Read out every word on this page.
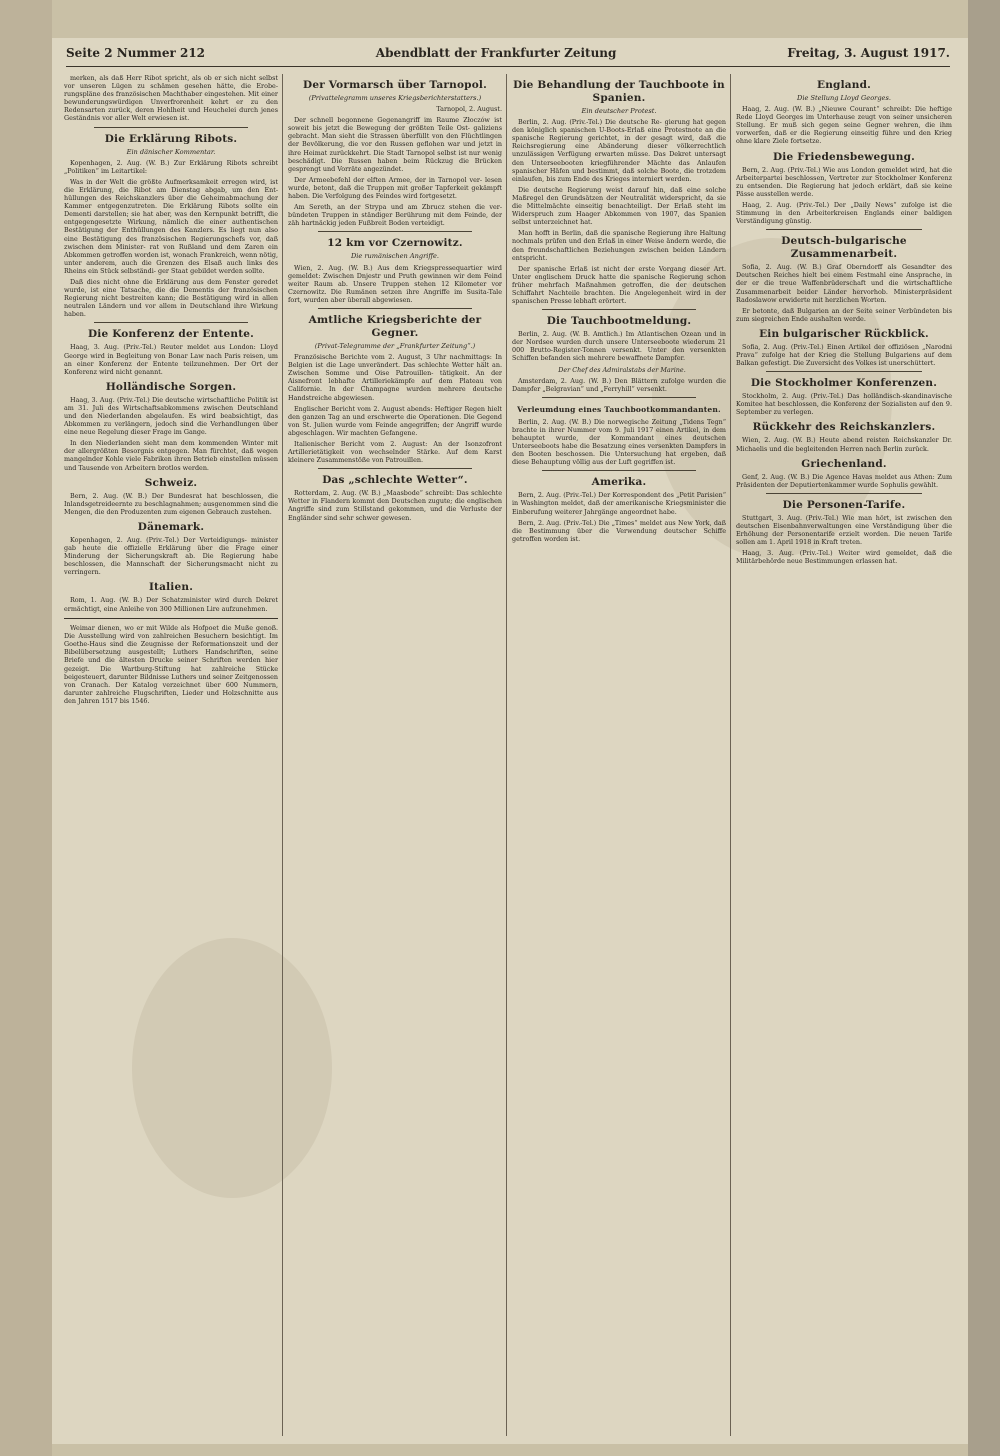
Seite 2 Nummer 212	Abendblatt der Frankfurter Zeitung	Freitag, 3. August 1917.

merken, als daß Herr Ribot spricht, als ob er sich nicht selbst vor unseren Lügen zu schämen gesehen hätte, die Erobe- rungspläne des französischen Machthaber eingestehen. Mit einer bewunderungswürdigen Unverfrorenheit kehrt er zu den Redensarten zurück, deren Hohlheit und Heuchelei durch jenes Geständnis vor aller Welt erwiesen ist.

Die Erklärung Ribots.
Ein dänischer Kommentar.

Kopenhagen, 2. Aug. (W. B.) Zur Erklärung Ribots schreibt „Politiken“ im Leitartikel:

Was in der Welt die größte Aufmerksamkeit erregen wird, ist die Erklärung, die Ribot am Dienstag abgab, um den Ent- hüllungen des Reichskanzlers über die Geheimabmachung der Kammer entgegenzutreten. Die Erklärung Ribots sollte ein Dementi darstellen; sie hat aber, was den Kernpunkt betrifft, die entgegengesetzte Wirkung, nämlich die einer authentischen Bestätigung der Enthüllungen des Kanzlers. Es liegt nun also eine Bestätigung des französischen Regierungschefs vor, daß zwischen dem Minister- rat von Rußland und dem Zaren ein Abkommen getroffen worden ist, wonach Frankreich, wenn nötig, unter anderem, auch die Grenzen des Elsaß auch links des Rheins ein Stück selbständi- ger Staat gebildet werden sollte.

Daß dies nicht ohne die Erklärung aus dem Fenster geredet wurde, ist eine Tatsache, die die Dementis der französischen Regierung nicht bestreiten kann; die Bestätigung wird in allen neutralen Ländern und vor allem in Deutschland ihre Wirkung haben.

Die Konferenz der Entente.

Haag, 3. Aug. (Priv.-Tel.) Reuter meldet aus London: Lloyd George wird in Begleitung von Bonar Law nach Paris reisen, um an einer Konferenz der Entente teilzunehmen. Der Ort der Konferenz wird nicht genannt.

Holländische Sorgen.

Haag, 3. Aug. (Priv.-Tel.) Die deutsche wirtschaftliche Politik ist am 31. Juli des Wirtschaftsabkommens zwischen Deutschland und den Niederlanden abgelaufen. Es wird beabsichtigt, das Abkommen zu verlängern, jedoch sind die Verhandlungen über eine neue Regelung dieser Frage im Gange.

In den Niederlanden sieht man dem kommenden Winter mit der allergrößten Besorgnis entgegen. Man fürchtet, daß wegen mangelnder Kohle viele Fabriken ihren Betrieb einstellen müssen und Tausende von Arbeitern brotlos werden.

Schweiz.

Bern, 2. Aug. (W. B.) Der Bundesrat hat beschlossen, die Inlandsgetreideernte zu beschlagnahmen; ausgenommen sind die Mengen, die den Produzenten zum eigenen Gebrauch zustehen.

Dänemark.

Kopenhagen, 2. Aug. (Priv.-Tel.) Der Verteidigungs- minister gab heute die offizielle Erklärung über die Frage einer Minderung der Sicherungskraft ab. Die Regierung habe beschlossen, die Mannschaft der Sicherungsmacht nicht zu verringern.

Italien.

Rom, 1. Aug. (W. B.) Der Schatzminister wird durch Dekret ermächtigt, eine Anleihe von 300 Millionen Lire aufzunehmen.

Weimar dienen, wo er mit Wilde als Hofpoet die Muße genoß. Die Ausstellung wird von zahlreichen Besuchern besichtigt. Im Goethe-Haus sind die Zeugnisse der Reformationszeit und der Bibelübersetzung ausgestellt; Luthers Handschriften, seine Briefe und die ältesten Drucke seiner Schriften werden hier gezeigt. Die Wartburg-Stiftung hat zahlreiche Stücke beigesteuert, darunter Bildnisse Luthers und seiner Zeitgenossen von Cranach. Der Katalog verzeichnet über 600 Nummern, darunter zahlreiche Flugschriften, Lieder und Holzschnitte aus den Jahren 1517 bis 1546.

Der Vormarsch über Tarnopol.
(Privattelegramm unseres Kriegsberichterstatters.)

Tarnopol, 2. August.

Der schnell begonnene Gegenangriff im Raume Złoczów ist soweit bis jetzt die Bewegung der größten Teile Ost- galiziens gebracht. Man sieht die Strassen überfüllt von den Flüchtlingen der Bevölkerung, die vor den Russen geflohen war und jetzt in ihre Heimat zurückkehrt. Die Stadt Tarnopol selbst ist nur wenig beschädigt. Die Russen haben beim Rückzug die Brücken gesprengt und Vorräte angezündet.

Der Armeebefehl der elften Armee, der in Tarnopol ver- lesen wurde, betont, daß die Truppen mit großer Tapferkeit gekämpft haben. Die Verfolgung des Feindes wird fortgesetzt.

Am Sereth, an der Strypa und am Zbrucz stehen die ver- bündeten Truppen in ständiger Berührung mit dem Feinde, der zäh hartnäckig jeden Fußbreit Boden verteidigt.

12 km vor Czernowitz.
Die rumänischen Angriffe.

Wien, 2. Aug. (W. B.) Aus dem Kriegspressequartier wird gemeldet: Zwischen Dnjestr und Pruth gewinnen wir dem Feind weiter Raum ab. Unsere Truppen stehen 12 Kilometer vor Czernowitz. Die Rumänen setzen ihre Angriffe im Susita-Tale fort, wurden aber überall abgewiesen.

Amtliche Kriegsberichte der Gegner.
(Privat-Telegramme der „Frankfurter Zeitung“.)

Französische Berichte vom 2. August, 3 Uhr nachmittags: In Belgien ist die Lage unverändert. Das schlechte Wetter hält an. Zwischen Somme und Oise Patrouillen- tätigkeit. An der Aisnefront lebhafte Artilleriekämpfe auf dem Plateau von Californie. In der Champagne wurden mehrere deutsche Handstreiche abgewiesen.

Englischer Bericht vom 2. August abends: Heftiger Regen hielt den ganzen Tag an und erschwerte die Operationen. Die Gegend von St. Julien wurde vom Feinde angegriffen; der Angriff wurde abgeschlagen. Wir machten Gefangene.

Italienischer Bericht vom 2. August: An der Isonzofront Artillerietätigkeit von wechselnder Stärke. Auf dem Karst kleinere Zusammenstöße von Patrouillen.

Das „schlechte Wetter“.

Rotterdam, 2. Aug. (W. B.) „Maasbode“ schreibt: Das schlechte Wetter in Flandern kommt den Deutschen zugute; die englischen Angriffe sind zum Stillstand gekommen, und die Verluste der Engländer sind sehr schwer gewesen.

Die Behandlung der Tauchboote in Spanien.
Ein deutscher Protest.

Berlin, 2. Aug. (Priv.-Tel.) Die deutsche Re- gierung hat gegen den königlich spanischen U-Boots-Erlaß eine Protestnote an die spanische Regierung gerichtet, in der gesagt wird, daß die Reichsregierung eine Abänderung dieser völkerrechtlich unzulässigen Verfügung erwarten müsse. Das Dekret untersagt den Unterseebooten kriegführender Mächte das Anlaufen spanischer Häfen und bestimmt, daß solche Boote, die trotzdem einlaufen, bis zum Ende des Krieges interniert werden.

Die deutsche Regierung weist darauf hin, daß eine solche Maßregel den Grundsätzen der Neutralität widerspricht, da sie die Mittelmächte einseitig benachteiligt. Der Erlaß steht im Widerspruch zum Haager Abkommen von 1907, das Spanien selbst unterzeichnet hat.

Man hofft in Berlin, daß die spanische Regierung ihre Haltung nochmals prüfen und den Erlaß in einer Weise ändern werde, die den freundschaftlichen Beziehungen zwischen beiden Ländern entspricht.

Der spanische Erlaß ist nicht der erste Vorgang dieser Art. Unter englischem Druck hatte die spanische Regierung schon früher mehrfach Maßnahmen getroffen, die der deutschen Schiffahrt Nachteile brachten. Die Angelegenheit wird in der spanischen Presse lebhaft erörtert.

Die Tauchbootmeldung.

Berlin, 2. Aug. (W. B. Amtlich.) Im Atlantischen Ozean und in der Nordsee wurden durch unsere Unterseeboote wiederum 21 000 Brutto-Register-Tonnen versenkt. Unter den versenkten Schiffen befanden sich mehrere bewaffnete Dampfer.

Der Chef des Admiralstabs der Marine.

Amsterdam, 2. Aug. (W. B.) Den Blättern zufolge wurden die Dampfer „Belgravian“ und „Ferryhill“ versenkt.

Verleumdung eines Tauchbootkommandanten.

Berlin, 2. Aug. (W. B.) Die norwegische Zeitung „Tidens Tegn“ brachte in ihrer Nummer vom 9. Juli 1917 einen Artikel, in dem behauptet wurde, der Kommandant eines deutschen Unterseeboots habe die Besatzung eines versenkten Dampfers in den Booten beschossen. Die Untersuchung hat ergeben, daß diese Behauptung völlig aus der Luft gegriffen ist.

Amerika.

Bern, 2. Aug. (Priv.-Tel.) Der Korrespondent des „Petit Parisien“ in Washington meldet, daß der amerikanische Kriegsminister die Einberufung weiterer Jahrgänge angeordnet habe.

Bern, 2. Aug. (Priv.-Tel.) Die „Times“ meldet aus New York, daß die Bestimmung über die Verwendung deutscher Schiffe getroffen worden ist.

England.
Die Stellung Lloyd Georges.

Haag, 2. Aug. (W. B.) „Nieuwe Courant“ schreibt: Die heftige Rede Lloyd Georges im Unterhause zeugt von seiner unsicheren Stellung. Er muß sich gegen seine Gegner wehren, die ihm vorwerfen, daß er die Regierung einseitig führe und den Krieg ohne klare Ziele fortsetze.

Die Friedensbewegung.

Bern, 2. Aug. (Priv.-Tel.) Wie aus London gemeldet wird, hat die Arbeiterpartei beschlossen, Vertreter zur Stockholmer Konferenz zu entsenden. Die Regierung hat jedoch erklärt, daß sie keine Pässe ausstellen werde.

Haag, 2. Aug. (Priv.-Tel.) Der „Daily News“ zufolge ist die Stimmung in den Arbeiterkreisen Englands einer baldigen Verständigung günstig.

Deutsch-bulgarische Zusammenarbeit.

Sofia, 2. Aug. (W. B.) Graf Oberndorff als Gesandter des Deutschen Reiches hielt bei einem Festmahl eine Ansprache, in der er die treue Waffenbrüderschaft und die wirtschaftliche Zusammenarbeit beider Länder hervorhob. Ministerpräsident Radoslawow erwiderte mit herzlichen Worten.

Er betonte, daß Bulgarien an der Seite seiner Verbündeten bis zum siegreichen Ende aushalten werde.

Ein bulgarischer Rückblick.

Sofia, 2. Aug. (Priv.-Tel.) Einen Artikel der offiziösen „Narodni Prava“ zufolge hat der Krieg die Stellung Bulgariens auf dem Balkan gefestigt. Die Zuversicht des Volkes ist unerschüttert.

Die Stockholmer Konferenzen.

Stockholm, 2. Aug. (Priv.-Tel.) Das holländisch-skandinavische Komitee hat beschlossen, die Konferenz der Sozialisten auf den 9. September zu verlegen.

Rückkehr des Reichskanzlers.

Wien, 2. Aug. (W. B.) Heute abend reisten Reichskanzler Dr. Michaelis und die begleitenden Herren nach Berlin zurück.

Griechenland.

Genf, 2. Aug. (W. B.) Die Agence Havas meldet aus Athen: Zum Präsidenten der Deputiertenkammer wurde Sophulis gewählt.

Die Personen-Tarife.

Stuttgart, 3. Aug. (Priv.-Tel.) Wie man hört, ist zwischen den deutschen Eisenbahnverwaltungen eine Verständigung über die Erhöhung der Personentarife erzielt worden. Die neuen Tarife sollen am 1. April 1918 in Kraft treten.

Haag, 3. Aug. (Priv.-Tel.) Weiter wird gemeldet, daß die Militärbehörde neue Bestimmungen erlassen hat.
